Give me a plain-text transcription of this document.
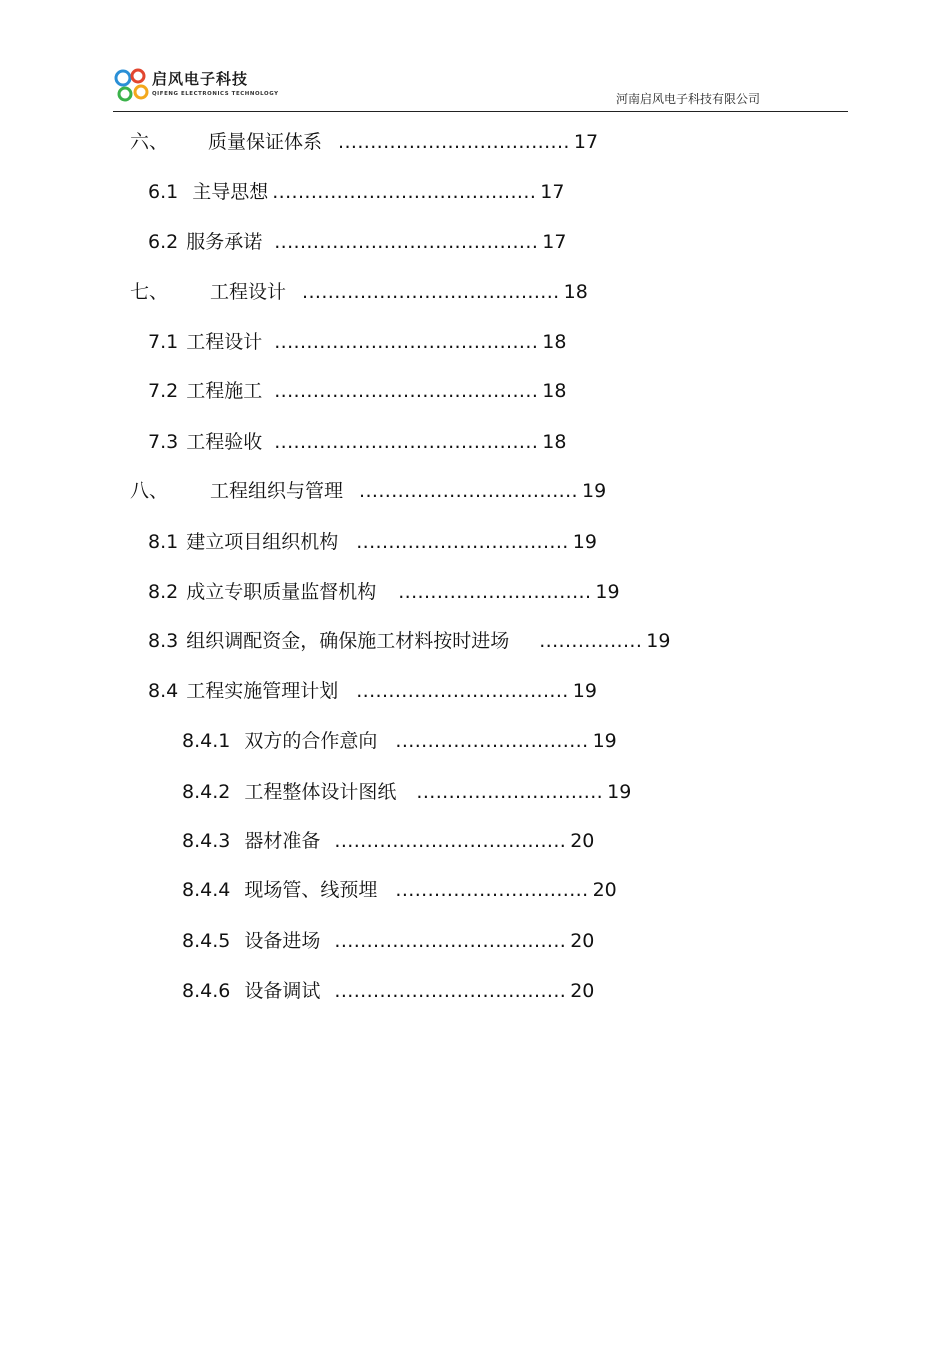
启风电子科技
QIFENG ELECTRONICS TECHNOLOGY	河南启风电子科技有限公司
六、 质量保证体系 .................................... 17
6.1 主导思想 ......................................... 17
6.2 服务承诺 ......................................... 17
七、 工程设计 ........................................ 18
7.1 工程设计 ......................................... 18
7.2 工程施工 ......................................... 18
7.3 工程验收 ......................................... 18
八、 工程组织与管理 .................................. 19
8.1 建立项目组织机构 ................................. 19
8.2 成立专职质量监督机构 .............................. 19
8.3 组织调配资金，确保施工材料按时进场 ................ 19
8.4 工程实施管理计划 ................................. 19
8.4.1 双方的合作意向 .............................. 19
8.4.2 工程整体设计图纸 ............................. 19
8.4.3 器材准备 .................................... 20
8.4.4 现场管、线预埋 .............................. 20
8.4.5 设备进场 .................................... 20
8.4.6 设备调试 .................................... 20
